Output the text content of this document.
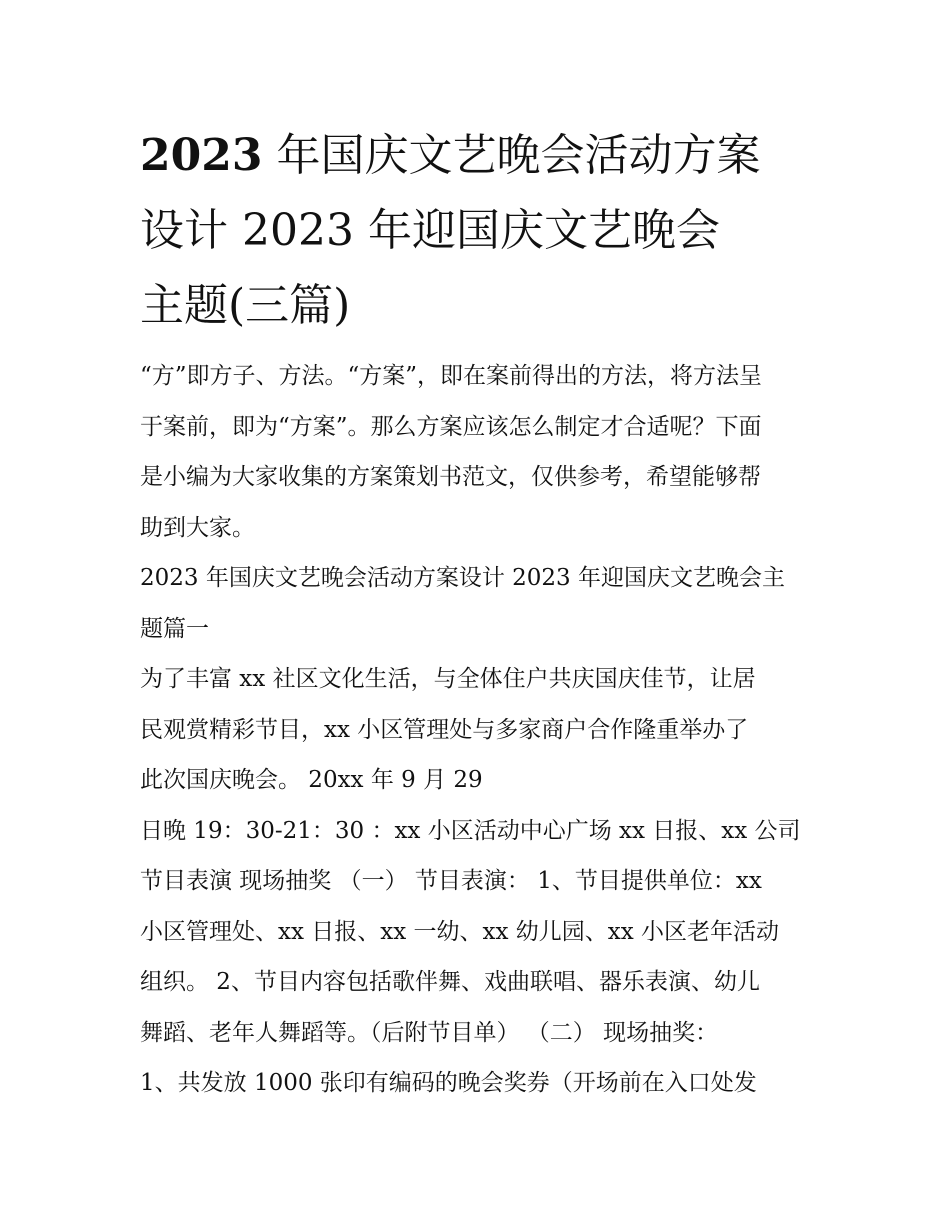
2023 年国庆文艺晚会活动方案
设计 2023 年迎国庆文艺晚会
主题(三篇)

“方”即方子、方法。“方案”，即在案前得出的方法，将方法呈

于案前，即为“方案”。那么方案应该怎么制定才合适呢？下面

是小编为大家收集的方案策划书范文，仅供参考，希望能够帮

助到大家。

2023 年国庆文艺晚会活动方案设计 2023 年迎国庆文艺晚会主

题篇一

为了丰富 xx 社区文化生活，与全体住户共庆国庆佳节，让居

民观赏精彩节目，xx 小区管理处与多家商户合作隆重举办了

此次国庆晚会。 20xx 年 9 月 29

日晚 19：30-21：30 ：xx 小区活动中心广场 xx 日报、xx 公司

节目表演 现场抽奖 （一） 节目表演： 1、节目提供单位：xx

小区管理处、xx 日报、xx 一幼、xx 幼儿园、xx 小区老年活动

组织。 2、节目内容包括歌伴舞、戏曲联唱、器乐表演、幼儿

舞蹈、老年人舞蹈等。（后附节目单） （二） 现场抽奖：

1、共发放 1000 张印有编码的晚会奖券（开场前在入口处发
